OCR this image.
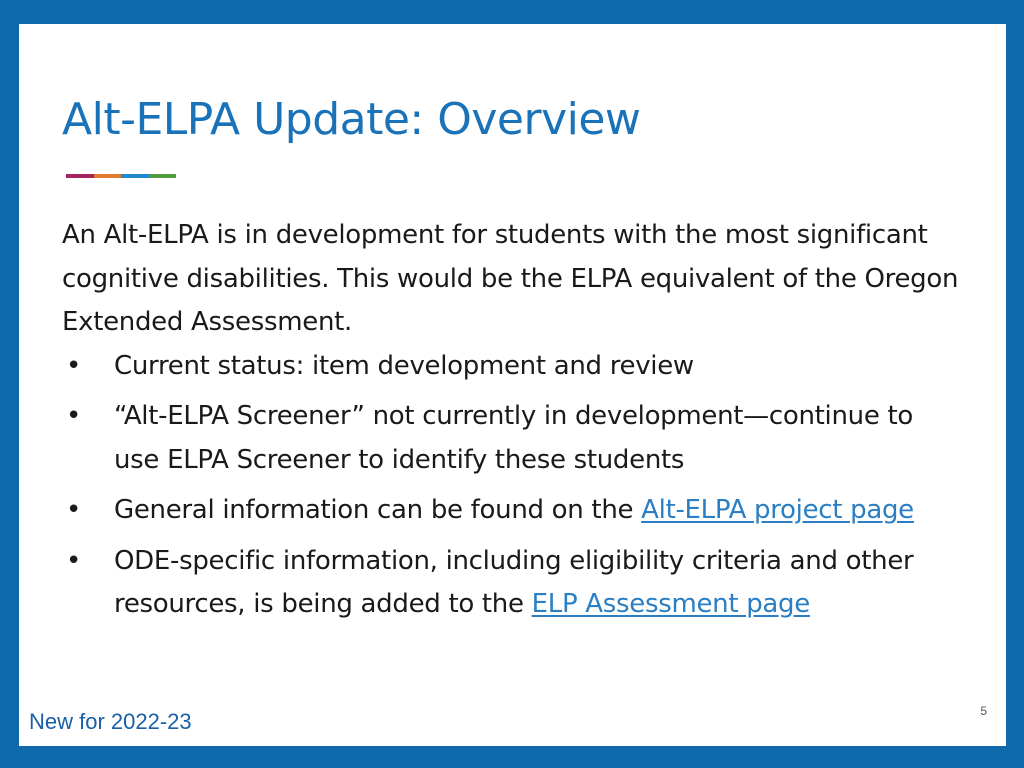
Alt-ELPA Update: Overview

An Alt-ELPA is in development for students with the most significant cognitive disabilities. This would be the ELPA equivalent of the Oregon Extended Assessment.

• Current status: item development and review
• “Alt-ELPA Screener” not currently in development—continue to use ELPA Screener to identify these students
• General information can be found on the Alt-ELPA project page
• ODE-specific information, including eligibility criteria and other resources, is being added to the ELP Assessment page
5
New for 2022-23
